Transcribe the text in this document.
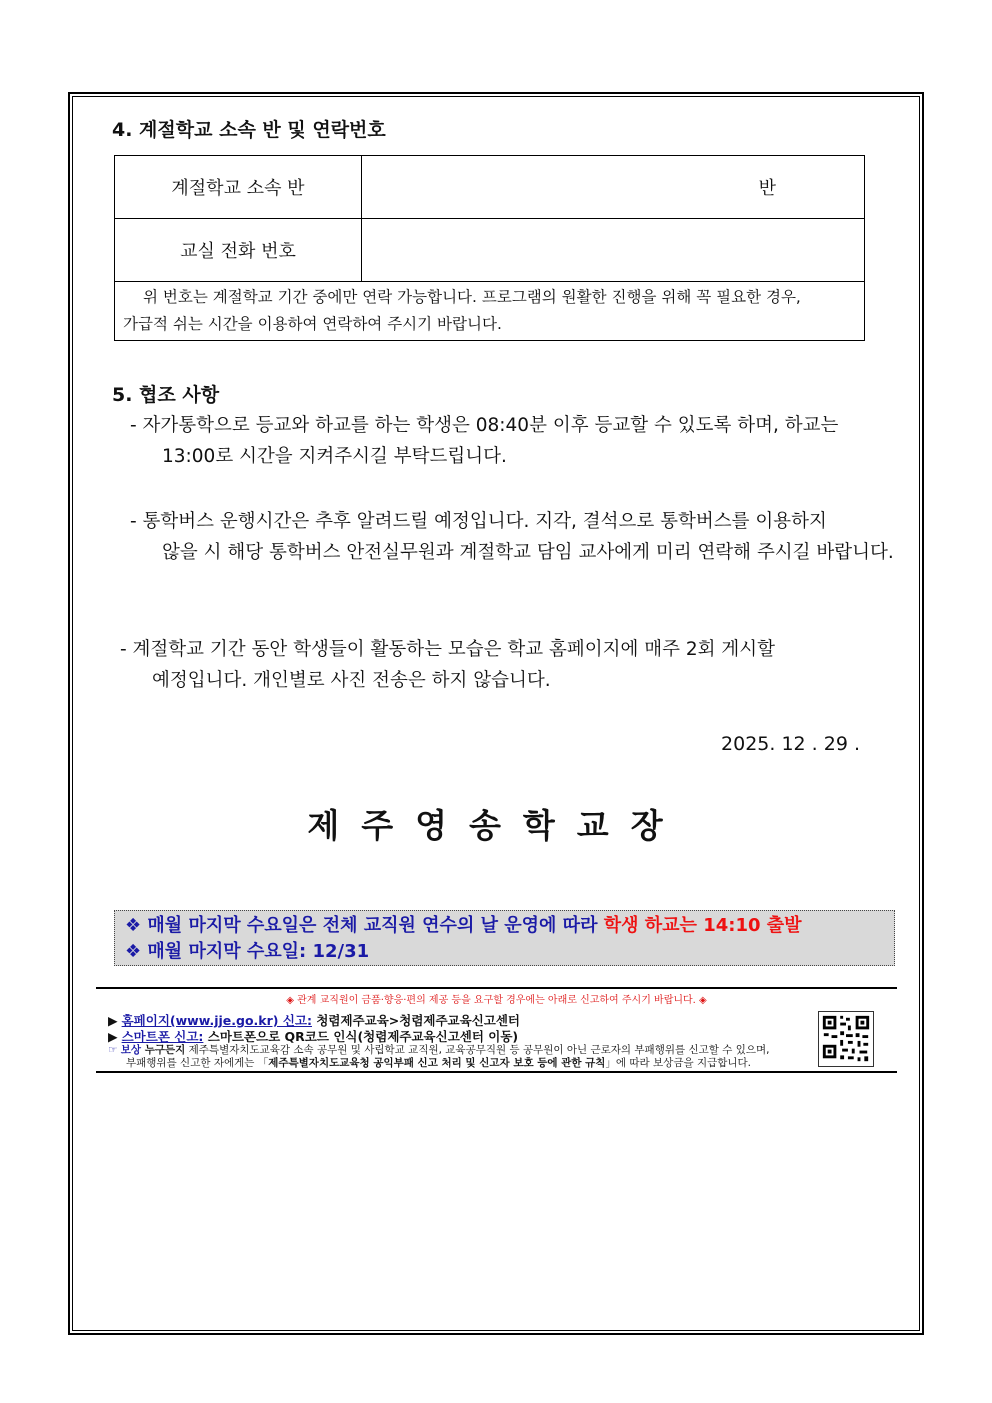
4. 계절학교 소속 반 및 연락번호
계절학교 소속 반	반
교실 전화 번호	

위 번호는 계절학교 기간 중에만 연락 가능합니다. 프로그램의 원활한 진행을 위해 꼭 필요한 경우,
가급적 쉬는 시간을 이용하여 연락하여 주시기 바랍니다.	
5. 협조 사항
- 자가통학으로 등교와 하교를 하는 학생은 08:40분 이후 등교할 수 있도록 하며, 하교는
13:00로 시간을 지켜주시길 부탁드립니다.
- 통학버스 운행시간은 추후 알려드릴 예정입니다. 지각, 결석으로 통학버스를 이용하지
않을 시 해당 통학버스 안전실무원과 계절학교 담임 교사에게 미리 연락해 주시길 바랍니다.
- 계절학교 기간 동안 학생들이 활동하는 모습은 학교 홈페이지에 매주 2회 게시할
예정입니다. 개인별로 사진 전송은 하지 않습니다.
2025. 12 . 29 .
제주영송학교장
❖ 매월 마지막 수요일은 전체 교직원 연수의 날 운영에 따라 학생 하교는 14:10 출발
❖ 매월 마지막 수요일: 12/31
◈ 관계 교직원이 금품·향응·편의 제공 등을 요구할 경우에는 아래로 신고하여 주시기 바랍니다. ◈
▶ 홈페이지(www.jje.go.kr) 신고: 청렴제주교육>청렴제주교육신고센터
▶ 스마트폰 신고: 스마트폰으로 QR코드 인식(청렴제주교육신고센터 이동)
☞ 보상 누구든지 제주특별자치도교육감 소속 공무원 및 사립학교 교직원, 교육공무직원 등 공무원이 아닌 근로자의 부패행위를 신고할 수 있으며,
부패행위를 신고한 자에게는 「제주특별자치도교육청 공익부패 신고 처리 및 신고자 보호 등에 관한 규칙」에 따라 보상금을 지급합니다.
